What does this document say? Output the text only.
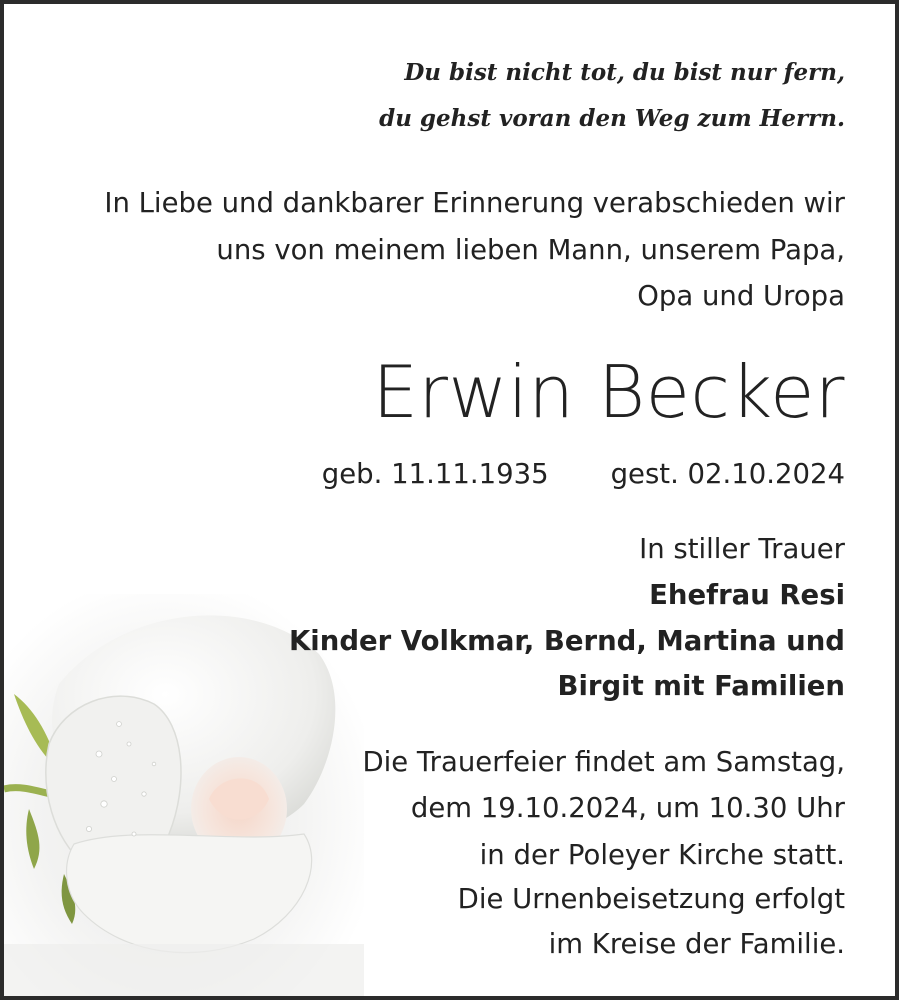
Du bist nicht tot, du bist nur fern,
du gehst voran den Weg zum Herrn.
In Liebe und dankbarer Erinnerung verabschieden wir
uns von meinem lieben Mann, unserem Papa,
Opa und Uropa
Erwin Becker
geb. 11.11.1935 gest. 02.10.2024
In stiller Trauer
Ehefrau Resi
Kinder Volkmar, Bernd, Martina und
Birgit mit Familien
Die Trauerfeier findet am Samstag,
dem 19.10.2024, um 10.30 Uhr
in der Poleyer Kirche statt.
Die Urnenbeisetzung erfolgt
im Kreise der Familie.
